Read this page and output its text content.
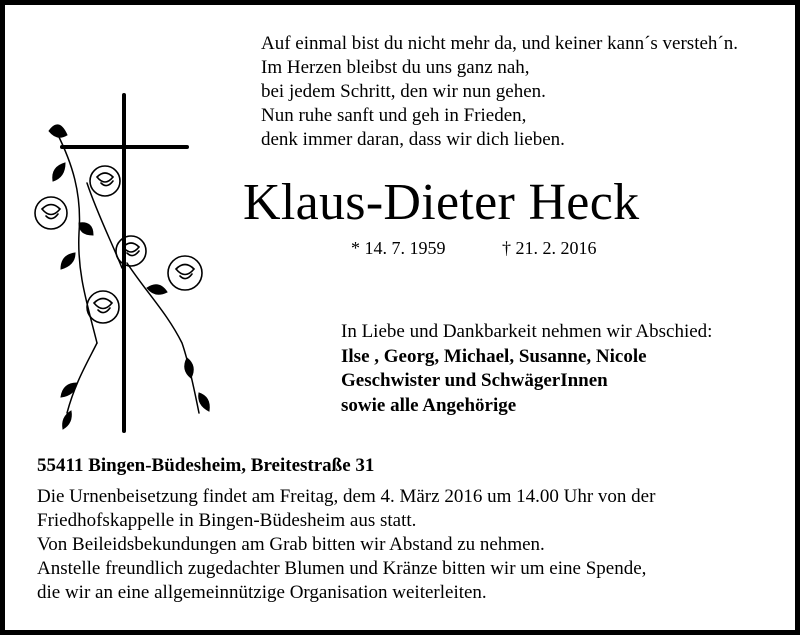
Auf einmal bist du nicht mehr da, und keiner kann´s versteh´n.
Im Herzen bleibst du uns ganz nah,
bei jedem Schritt, den wir nun gehen.
Nun ruhe sanft und geh in Frieden,
denk immer daran, dass wir dich lieben.
Klaus-Dieter Heck
* 14. 7. 1959	† 21. 2. 2016
In Liebe und Dankbarkeit nehmen wir Abschied:
Ilse , Georg, Michael, Susanne, Nicole
Geschwister und SchwägerInnen
sowie alle Angehörige
55411 Bingen-Büdesheim, Breitestraße 31
Die Urnenbeisetzung findet am Freitag, dem 4. März 2016 um 14.00 Uhr von der
Friedhofskappelle in Bingen-Büdesheim aus statt.
Von Beileidsbekundungen am Grab bitten wir Abstand zu nehmen.
Anstelle freundlich zugedachter Blumen und Kränze bitten wir um eine Spende,
die wir an eine allgemeinnützige Organisation weiterleiten.
